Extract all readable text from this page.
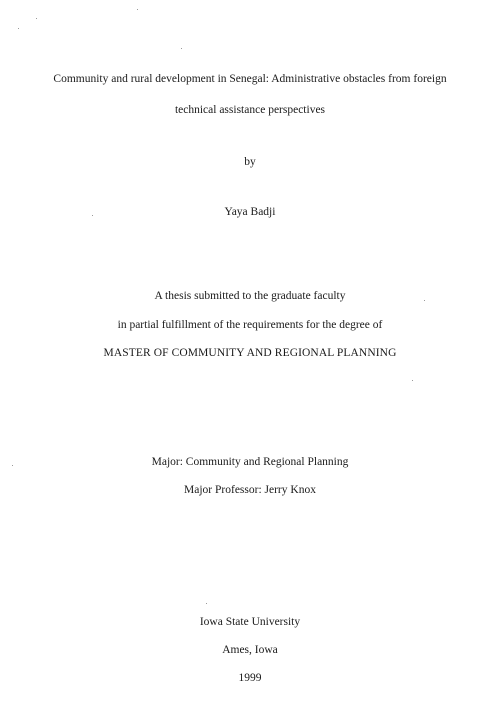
Community and rural development in Senegal: Administrative obstacles from foreign
technical assistance perspectives
by
Yaya Badji
A thesis submitted to the graduate faculty
in partial fulfillment of the requirements for the degree of
MASTER OF COMMUNITY AND REGIONAL PLANNING
Major: Community and Regional Planning
Major Professor: Jerry Knox
Iowa State University
Ames, Iowa
1999
